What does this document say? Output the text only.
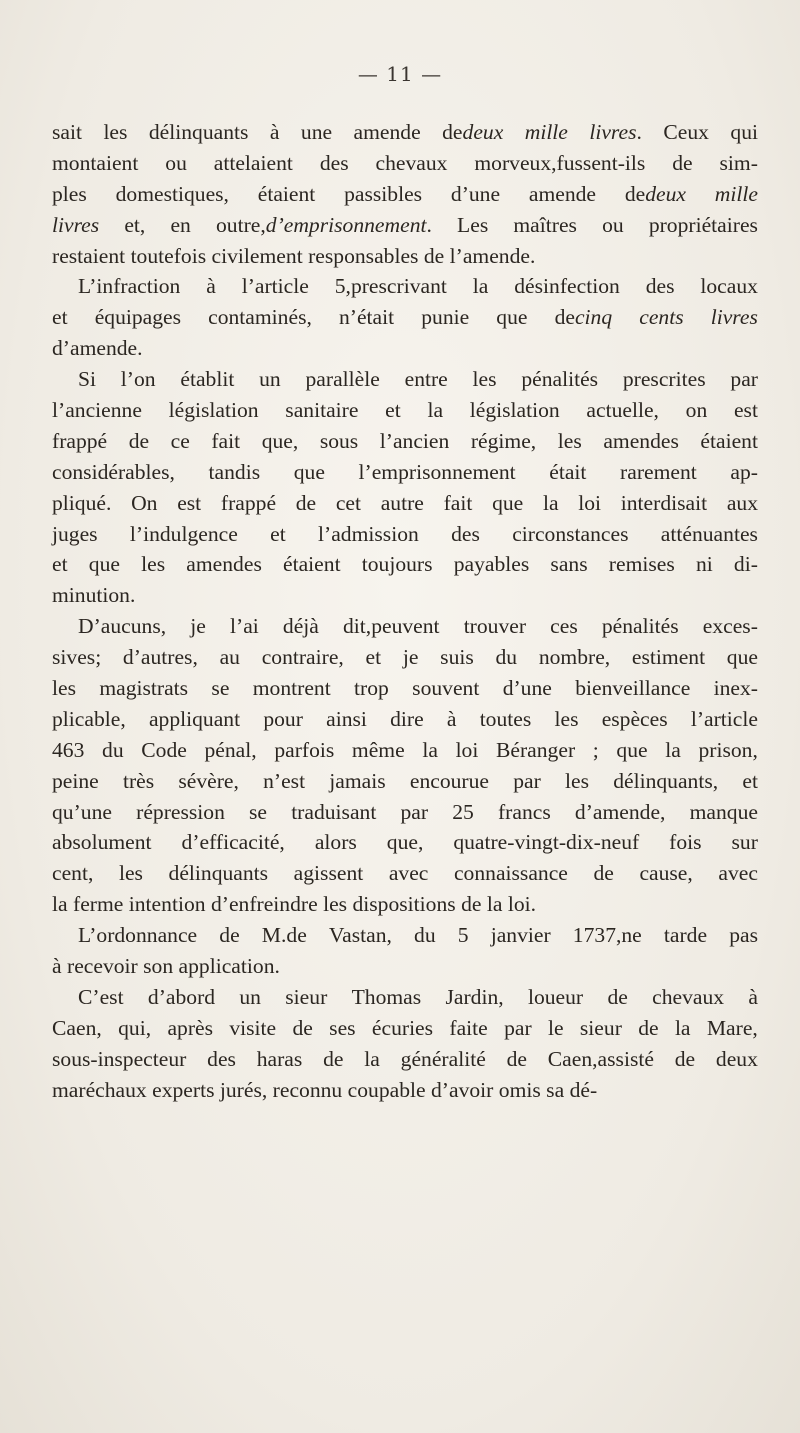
— 11 —
sait les délinquants à une amende dedeux mille livres. Ceux qui
montaient ou attelaient des chevaux morveux,fussent-ils de sim-
ples domestiques, étaient passibles d’une amende dedeux mille
livres et, en outre,d’emprisonnement. Les maîtres ou propriétaires
restaient
toutefois
civilement
responsables
de
l’amende.
L’infraction à l’article 5,prescrivant la désinfection des locaux
et équipages contaminés, n’était punie que decinq cents livres
d’amende.
Si l’on établit un parallèle entre les pénalités prescrites par
l’ancienne législation sanitaire et la législation actuelle, on est
frappé de ce fait que, sous l’ancien régime, les amendes étaient
considérables, tandis que l’emprisonnement était rarement ap-
pliqué. On est frappé de cet autre fait que la loi interdisait aux
juges l’indulgence et l’admission des circonstances atténuantes
et que les amendes étaient toujours payables sans remises ni di-
minution.
D’aucuns, je l’ai déjà dit,peuvent trouver ces pénalités exces-
sives; d’autres, au contraire, et je suis du nombre, estiment que
les magistrats se montrent trop souvent d’une bienveillance inex-
plicable, appliquant pour ainsi dire à toutes les espèces l’article
463 du Code pénal, parfois même la loi Béranger ; que la prison,
peine très sévère, n’est jamais encourue par les délinquants, et
qu’une répression se traduisant par 25 francs d’amende, manque
absolument d’efficacité, alors que, quatre-vingt-dix-neuf fois sur
cent, les délinquants agissent avec connaissance de cause, avec
la
ferme
intention
d’enfreindre
les
dispositions
de
la
loi.
L’ordonnance de M.de Vastan, du 5 janvier 1737,ne tarde pas
à
recevoir
son
application.
C’est d’abord un sieur Thomas Jardin, loueur de chevaux à
Caen, qui, après visite de ses écuries faite par le sieur de la Mare,
sous-inspecteur des haras de la généralité de Caen,assisté de deux
maréchaux
experts
jurés,
reconnu
coupable
d’avoir
omis
sa
dé-
